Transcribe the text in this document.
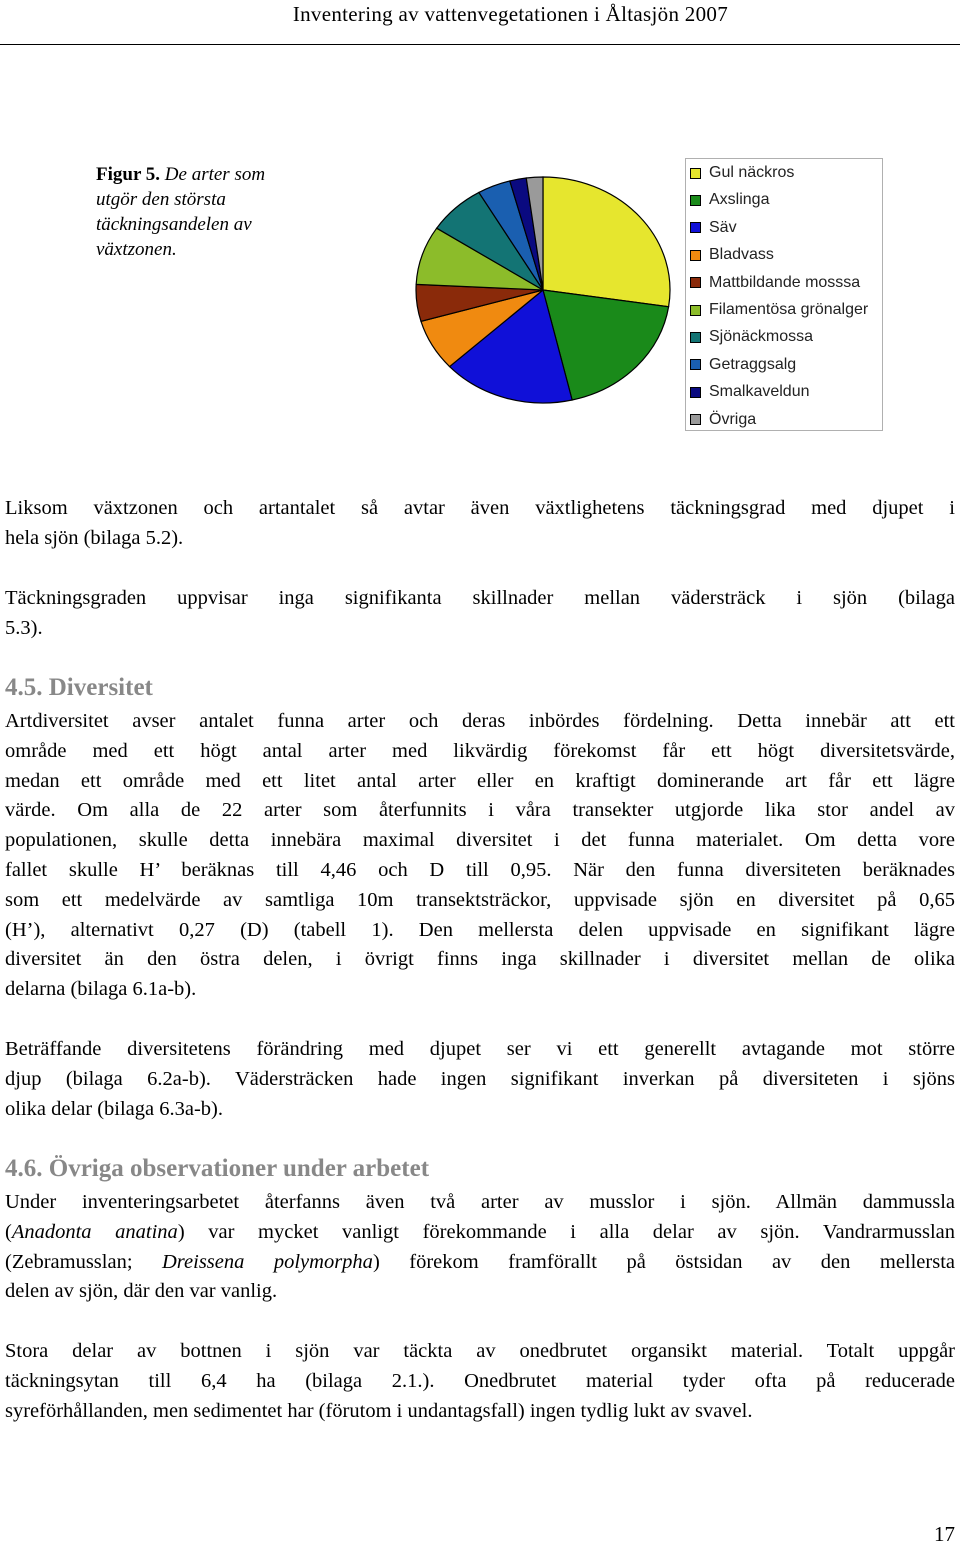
Inventering av vattenvegetationen i Åltasjön 2007
Figur 5. De arter som
utgör den största
täckningsandelen av
växtzonen.
Gul näckros
Axslinga
Säv
Bladvass
Mattbildande mosssa
Filamentösa grönalger
Sjönäckmossa
Getraggsalg
Smalkaveldun
Övriga
Liksom växtzonen och artantalet så avtar även växtlighetens täckningsgrad med djupet i
hela sjön (bilaga 5.2).
Täckningsgraden uppvisar inga signifikanta skillnader mellan vädersträck i sjön (bilaga
5.3).
4.5. Diversitet
Artdiversitet avser antalet funna arter och deras inbördes fördelning. Detta innebär att ett
område med ett högt antal arter med likvärdig förekomst får ett högt diversitetsvärde,
medan ett område med ett litet antal arter eller en kraftigt dominerande art får ett lägre
värde. Om alla de 22 arter som återfunnits i våra transekter utgjorde lika stor andel av
populationen, skulle detta innebära maximal diversitet i det funna materialet. Om detta vore
fallet skulle H’ beräknas till 4,46 och D till 0,95. När den funna diversiteten beräknades
som ett medelvärde av samtliga 10m transektsträckor, uppvisade sjön en diversitet på 0,65
(H’), alternativt 0,27 (D) (tabell 1). Den mellersta delen uppvisade en signifikant lägre
diversitet än den östra delen, i övrigt finns inga skillnader i diversitet mellan de olika
delarna (bilaga 6.1a-b).
Beträffande diversitetens förändring med djupet ser vi ett generellt avtagande mot större
djup (bilaga 6.2a-b). Vädersträcken hade ingen signifikant inverkan på diversiteten i sjöns
olika delar (bilaga 6.3a-b).
4.6. Övriga observationer under arbetet
Under inventeringsarbetet återfanns även två arter av musslor i sjön. Allmän dammussla
(Anadonta anatina) var mycket vanligt förekommande i alla delar av sjön. Vandrarmusslan
(Zebramusslan; Dreissena polymorpha) förekom framförallt på östsidan av den mellersta
delen av sjön, där den var vanlig.
Stora delar av bottnen i sjön var täckta av onedbrutet organsikt material. Totalt uppgår
täckningsytan till 6,4 ha (bilaga 2.1.). Onedbrutet material tyder ofta på reducerade
syreförhållanden, men sedimentet har (förutom i undantagsfall) ingen tydlig lukt av svavel.
17
